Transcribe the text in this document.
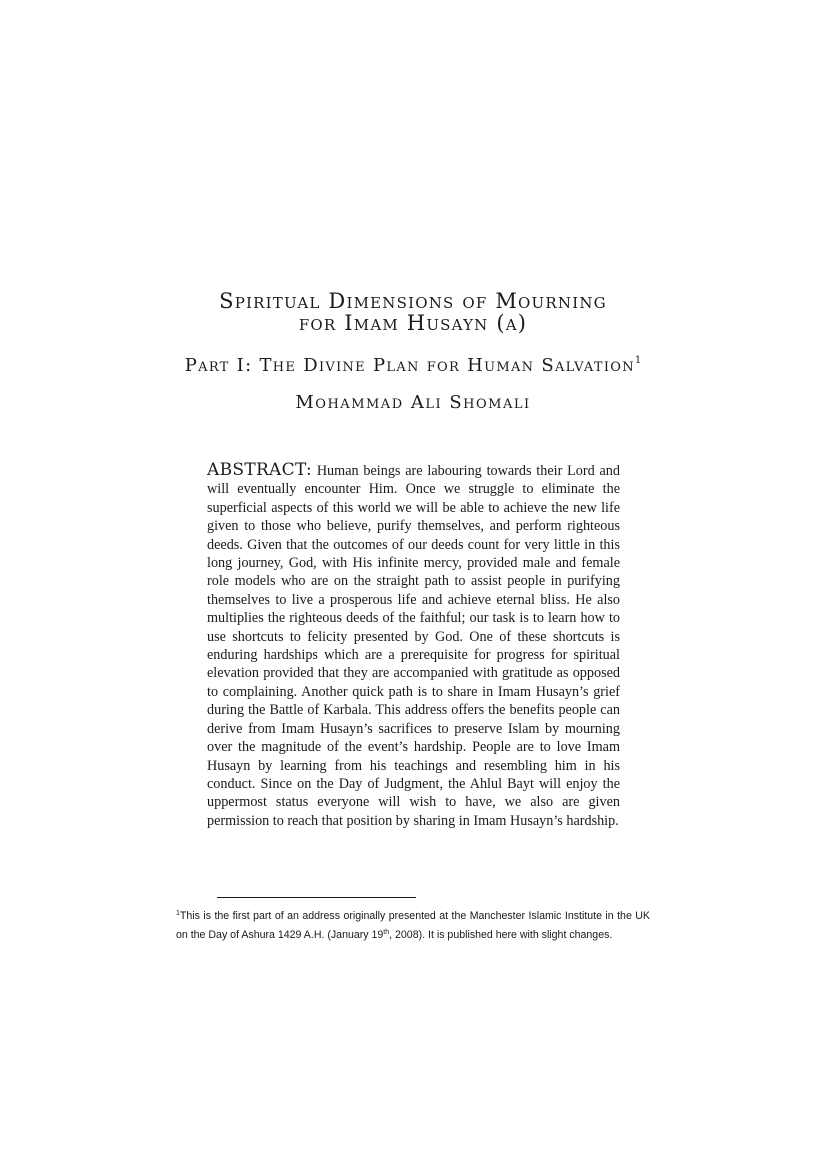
Spiritual Dimensions of Mourning
for Imam Husayn (a)
Part I: The Divine Plan for Human Salvation$^1$

Mohammad Ali Shomali

ABSTRACT: Human beings are labouring towards their Lord and will eventually encounter Him. Once we struggle to eliminate the superficial aspects of this world we will be able to achieve the new life given to those who believe, purify themselves, and perform righteous deeds. Given that the outcomes of our deeds count for very little in this long journey, God, with His infinite mercy, provided male and female role models who are on the straight path to assist people in purifying themselves to live a prosperous life and achieve eternal bliss. He also multiplies the righteous deeds of the faithful; our task is to learn how to use shortcuts to felicity presented by God. One of these shortcuts is enduring hardships which are a prerequisite for progress for spiritual elevation provided that they are accompanied with gratitude as opposed to complaining. Another quick path is to share in Imam Husayn’s grief during the Battle of Karbala. This address offers the benefits people can derive from Imam Husayn’s sacrifices to preserve Islam by mourning over the magnitude of the event’s hardship. People are to love Imam Husayn by learning from his teachings and resembling him in his conduct. Since on the Day of Judgment, the Ahlul Bayt will enjoy the uppermost status everyone will wish to have, we also are given permission to reach that position by sharing in Imam Husayn’s hardship.

$^1$This is the first part of an address originally presented at the Manchester Islamic Institute in the UK on the Day of Ashura 1429 A.H. (January 19th, 2008). It is published here with slight changes.
